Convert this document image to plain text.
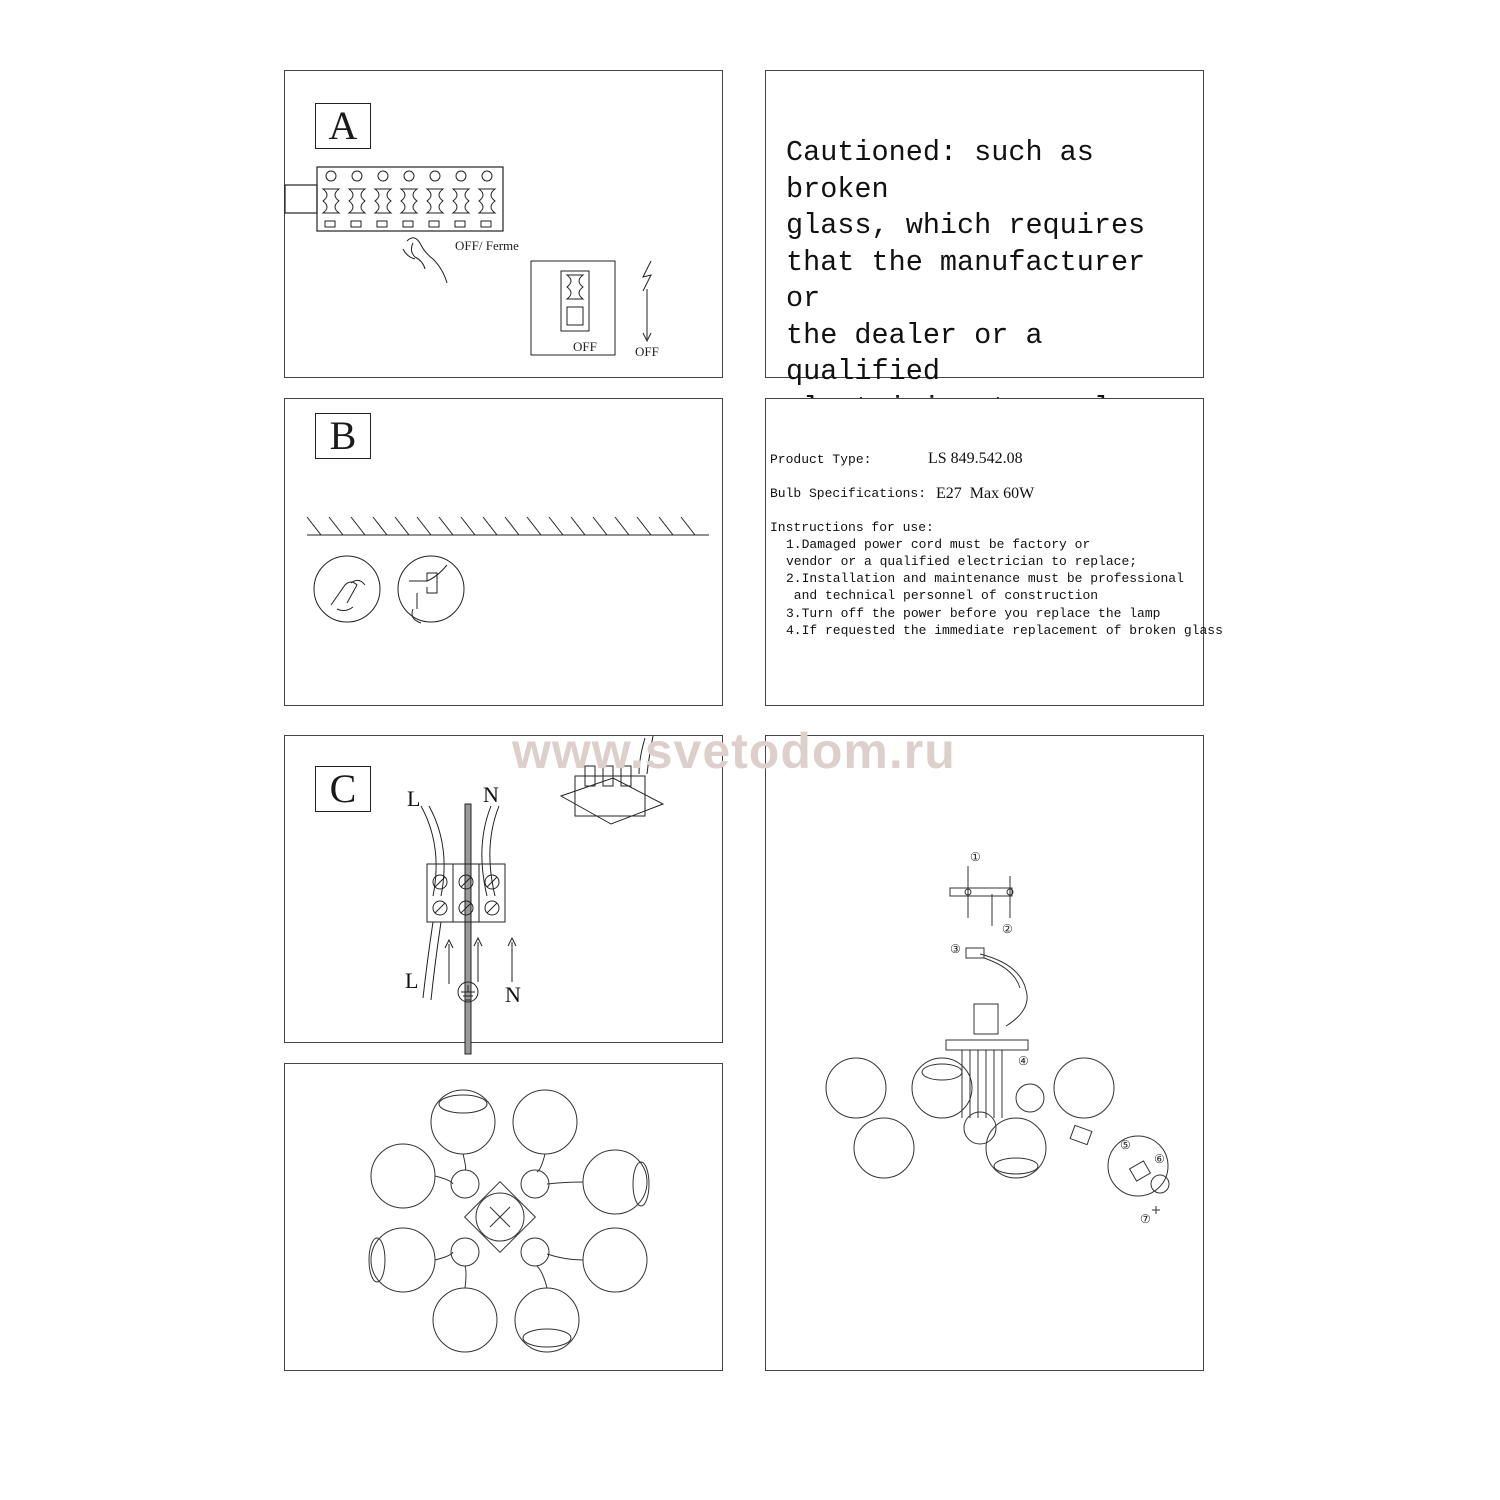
www.svetodom.ru
A
OFF/ Ferme
OFF	OFF
Cautioned: such as broken
glass, which requires
that the manufacturer or
the dealer or a qualified

B
Product Type:	LS 849.542.08
Bulb Specifications: E27  Max 60W
Instructions for use:
1.Damaged power cord must be factory or
vendor or a qualified electrician to replace;
2.Installation and maintenance must be professional
and technical personnel of construction
3.Turn off the power before you replace the lamp
4.If requested the immediate replacement of broken glass
C	L	N
L
N
①
②
③
④
⑤
⑥
⑦
